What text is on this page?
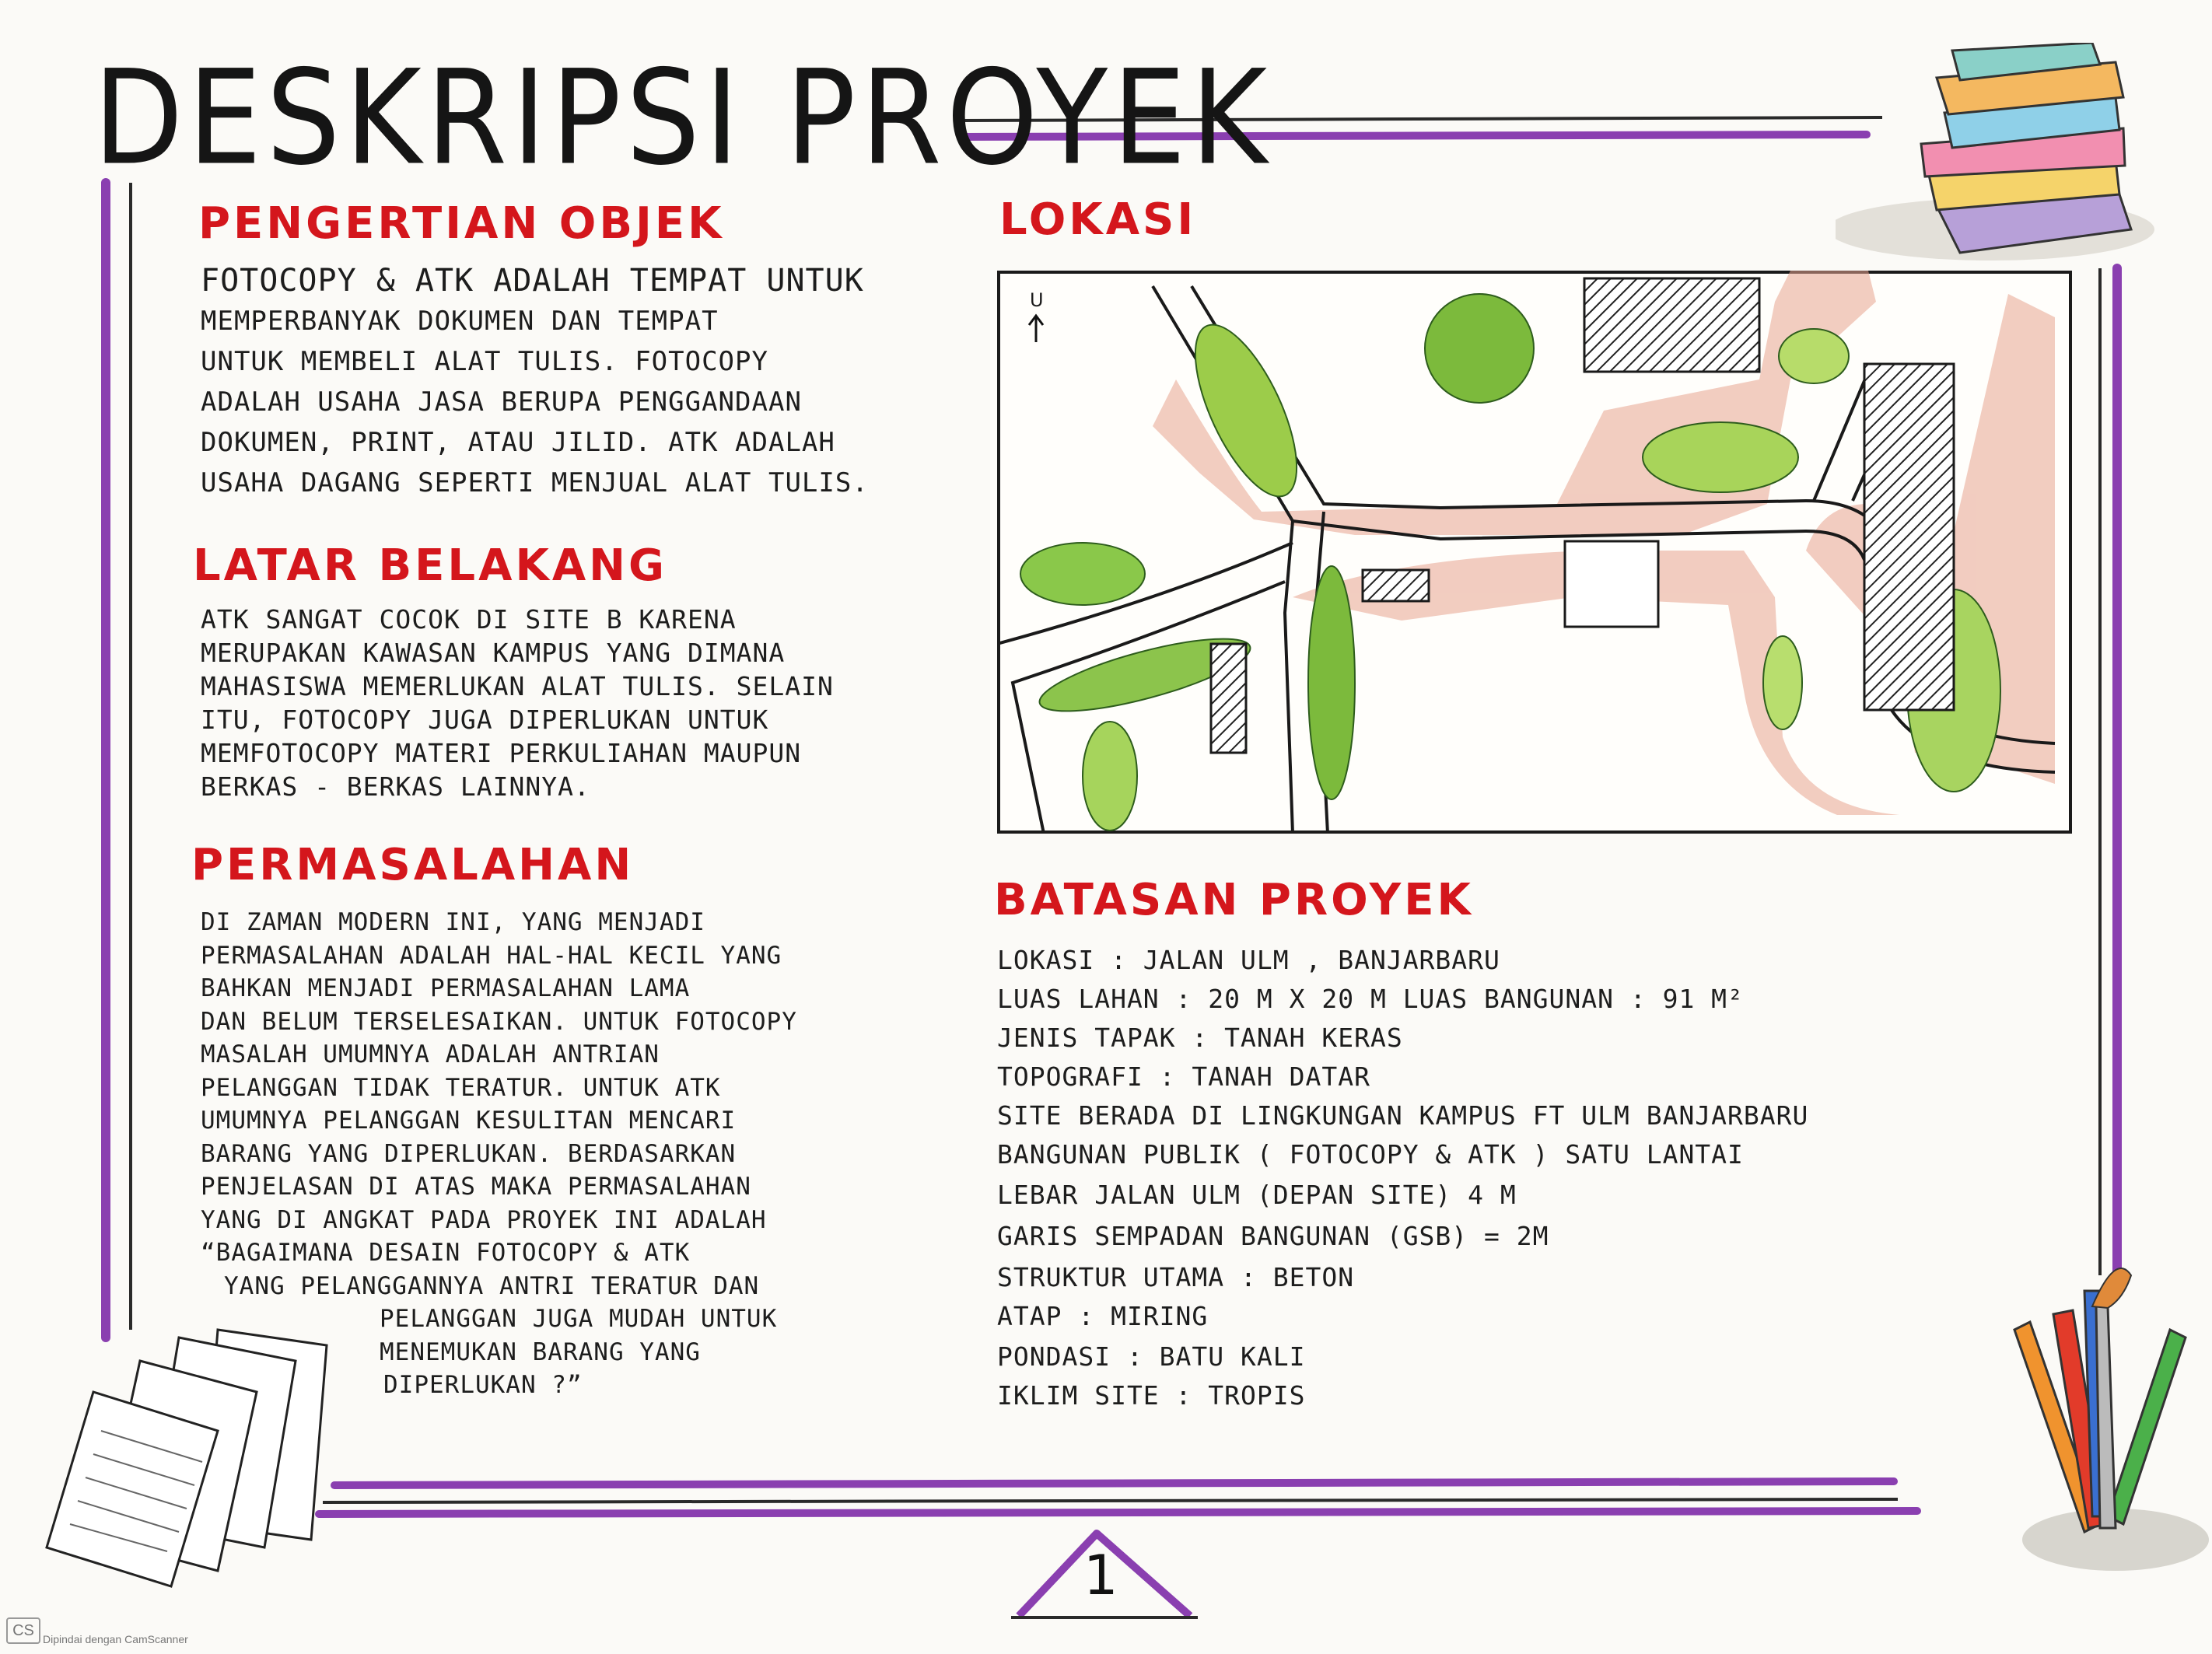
DESKRIPSI PROYEK
PENGERTIAN OBJEK
FOTOCOPY & ATK ADALAH TEMPAT UNTUK
MEMPERBANYAK DOKUMEN DAN TEMPAT
UNTUK MEMBELI ALAT TULIS. FOTOCOPY
ADALAH USAHA JASA BERUPA PENGGANDAAN
DOKUMEN, PRINT, ATAU JILID. ATK ADALAH
USAHA DAGANG SEPERTI MENJUAL ALAT TULIS.
LATAR BELAKANG
ATK SANGAT COCOK DI SITE B KARENA
MERUPAKAN KAWASAN KAMPUS YANG DIMANA
MAHASISWA MEMERLUKAN ALAT TULIS. SELAIN
ITU, FOTOCOPY JUGA DIPERLUKAN UNTUK
MEMFOTOCOPY MATERI PERKULIAHAN MAUPUN
BERKAS - BERKAS LAINNYA.
PERMASALAHAN
DI ZAMAN MODERN INI, YANG MENJADI
PERMASALAHAN ADALAH HAL-HAL KECIL YANG
BAHKAN MENJADI PERMASALAHAN LAMA
DAN BELUM TERSELESAIKAN. UNTUK FOTOCOPY
MASALAH UMUMNYA ADALAH ANTRIAN
PELANGGAN TIDAK TERATUR. UNTUK ATK
UMUMNYA PELANGGAN KESULITAN MENCARI
BARANG YANG DIPERLUKAN. BERDASARKAN
PENJELASAN DI ATAS MAKA PERMASALAHAN
YANG DI ANGKAT PADA PROYEK INI ADALAH
“BAGAIMANA DESAIN FOTOCOPY & ATK
YANG PELANGGANNYA ANTRI TERATUR DAN
PELANGGAN JUGA MUDAH UNTUK
MENEMUKAN BARANG YANG
DIPERLUKAN ?”
LOKASI
U
BATASAN PROYEK
LOKASI : JALAN ULM , BANJARBARU
LUAS LAHAN : 20 M X 20 M LUAS BANGUNAN : 91 M²
JENIS TAPAK : TANAH KERAS
TOPOGRAFI : TANAH DATAR
SITE BERADA DI LINGKUNGAN KAMPUS FT ULM BANJARBARU
BANGUNAN PUBLIK ( FOTOCOPY & ATK ) SATU LANTAI
LEBAR JALAN ULM (DEPAN SITE) 4 M
GARIS SEMPADAN BANGUNAN (GSB) = 2M
STRUKTUR UTAMA : BETON
ATAP : MIRING
PONDASI : BATU KALI
IKLIM SITE : TROPIS
1
CS Dipindai dengan CamScanner
